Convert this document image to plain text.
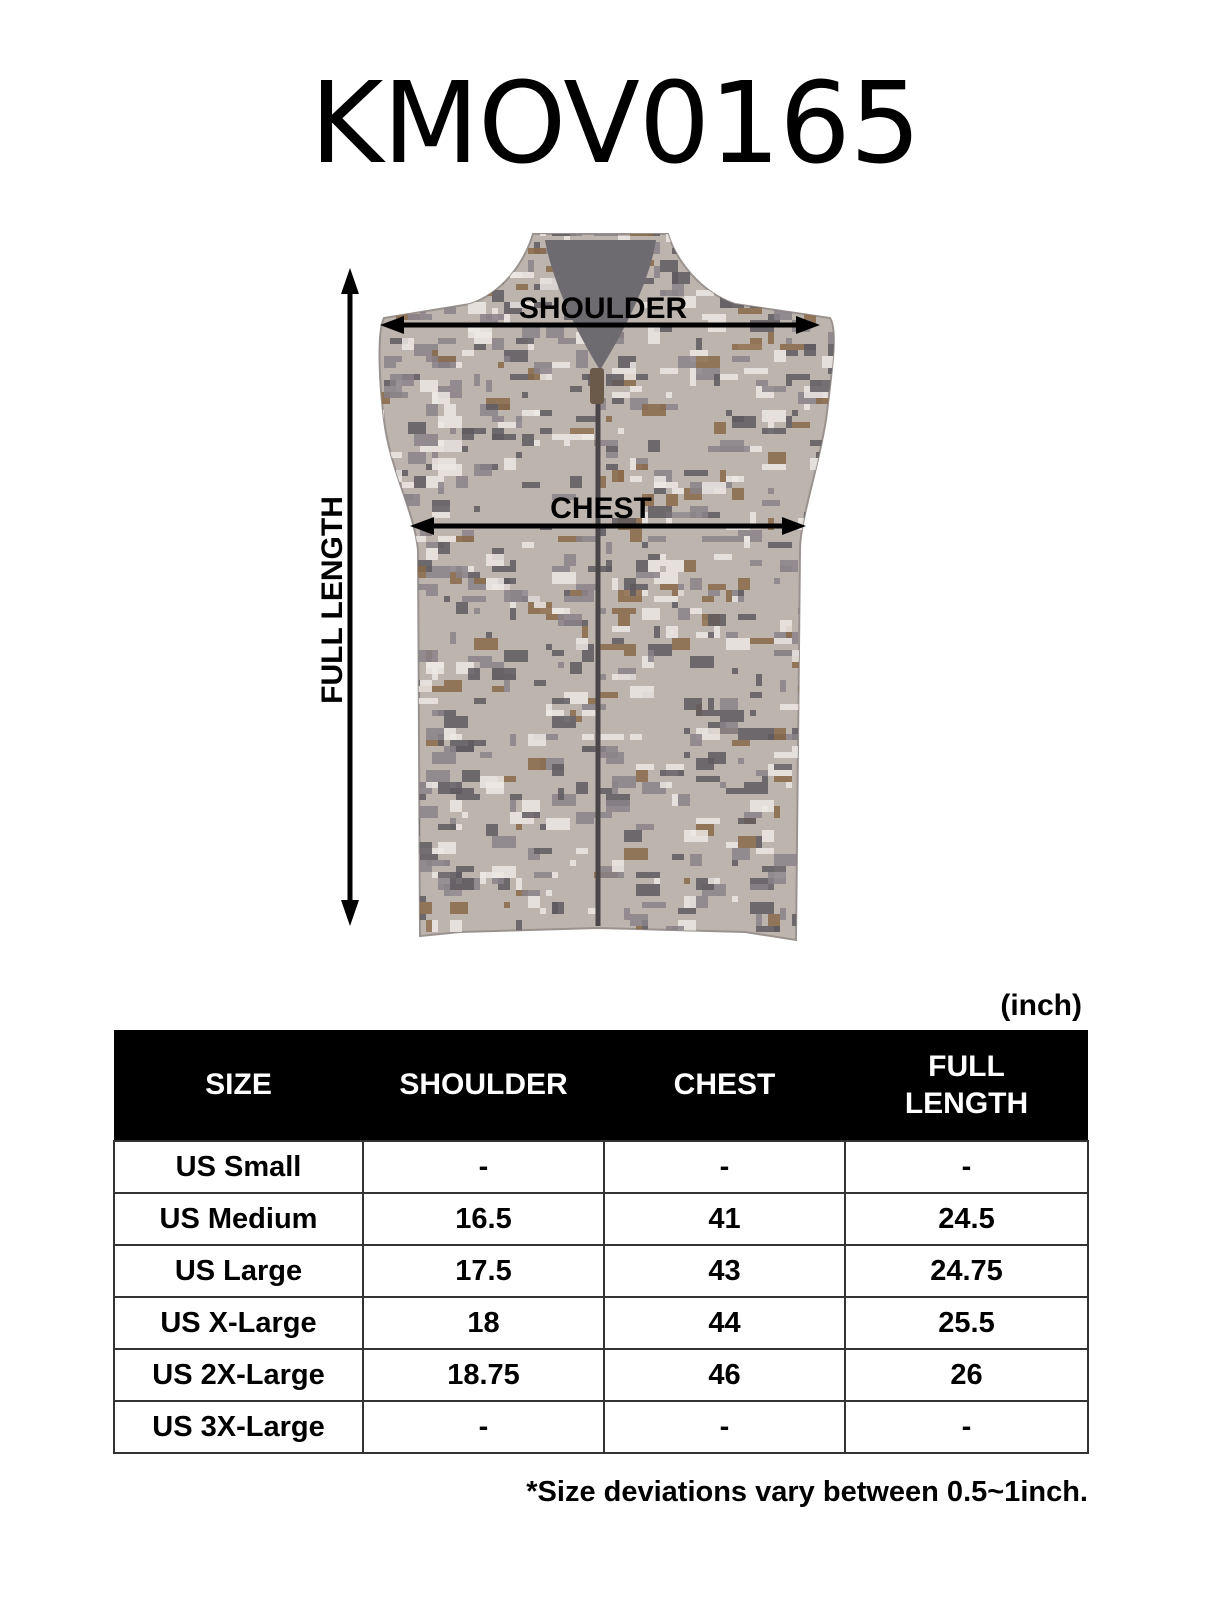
KMOV0165
SHOULDER
CHEST
FULL LENGTH
(inch)
SIZE	SHOULDER	CHEST	FULL
LENGTH
US Small	-	-	-
US Medium	16.5	41	24.5
US Large	17.5	43	24.75
US X-Large	18	44	25.5
US 2X-Large	18.75	46	26
US 3X-Large	-	-	-
*Size deviations vary between 0.5~1inch.
